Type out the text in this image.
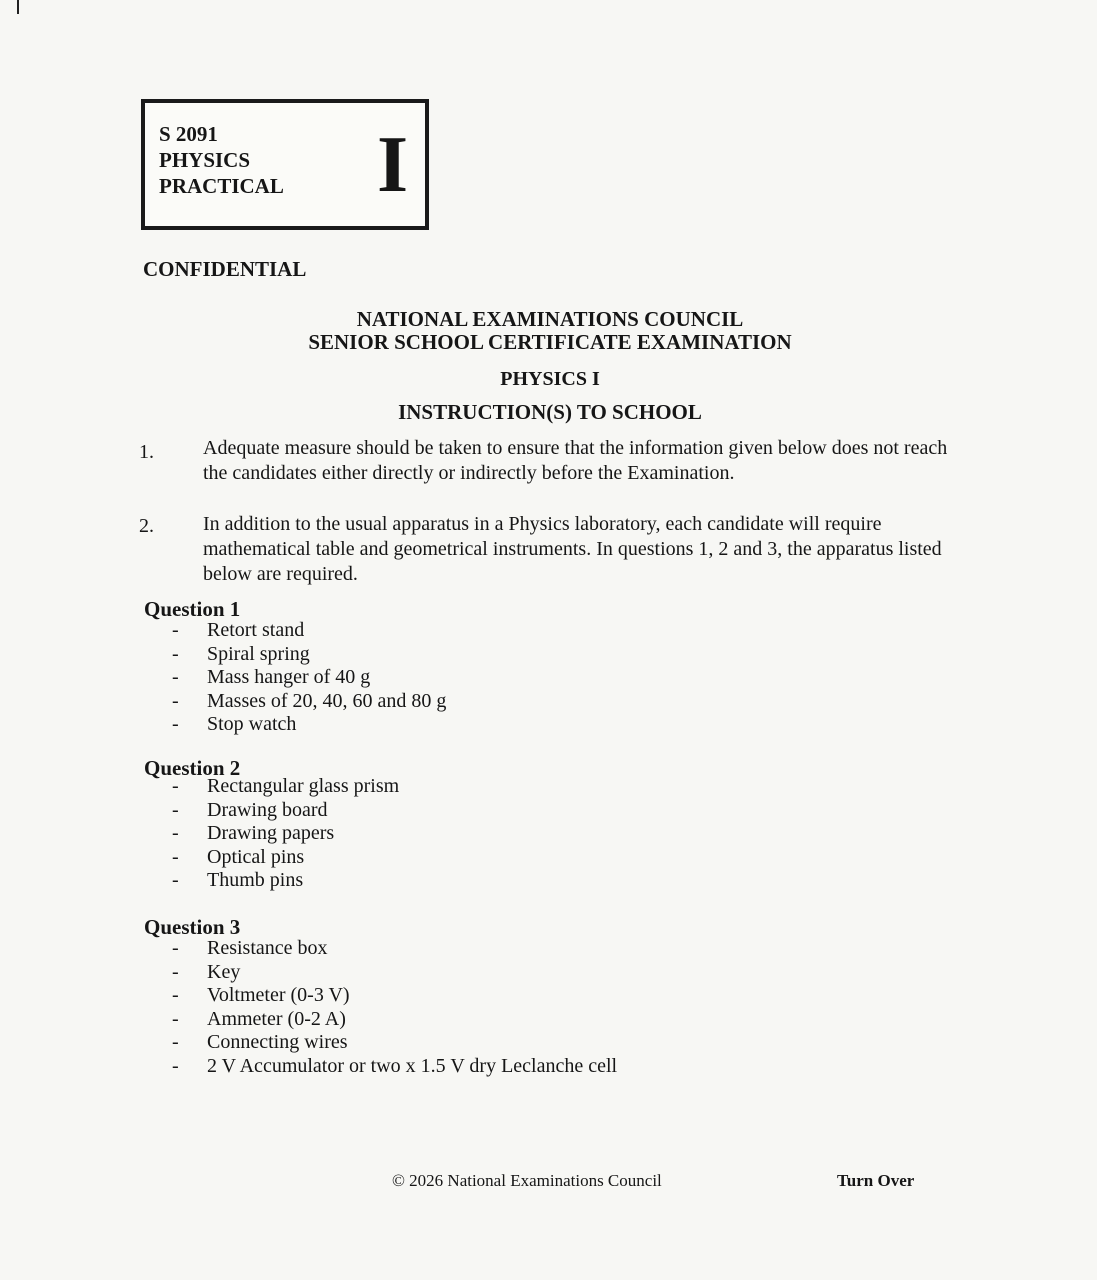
S 2091
PHYSICS
PRACTICAL I
CONFIDENTIAL
NATIONAL EXAMINATIONS COUNCIL
SENIOR SCHOOL CERTIFICATE EXAMINATION
PHYSICS I
INSTRUCTION(S) TO SCHOOL
1. Adequate measure should be taken to ensure that the information given below does not reach the candidates either directly or indirectly before the Examination.
2. In addition to the usual apparatus in a Physics laboratory, each candidate will require mathematical table and geometrical instruments. In questions 1, 2 and 3, the apparatus listed below are required.
Question 1
- Retort stand
- Spiral spring
- Mass hanger of 40 g
- Masses of 20, 40, 60 and 80 g
- Stop watch
Question 2
- Rectangular glass prism
- Drawing board
- Drawing papers
- Optical pins
- Thumb pins
Question 3
- Resistance box
- Key
- Voltmeter (0-3 V)
- Ammeter (0-2 A)
- Connecting wires
- 2 V Accumulator or two x 1.5 V dry Leclanche cell
© 2026 National Examinations Council	Turn Over
